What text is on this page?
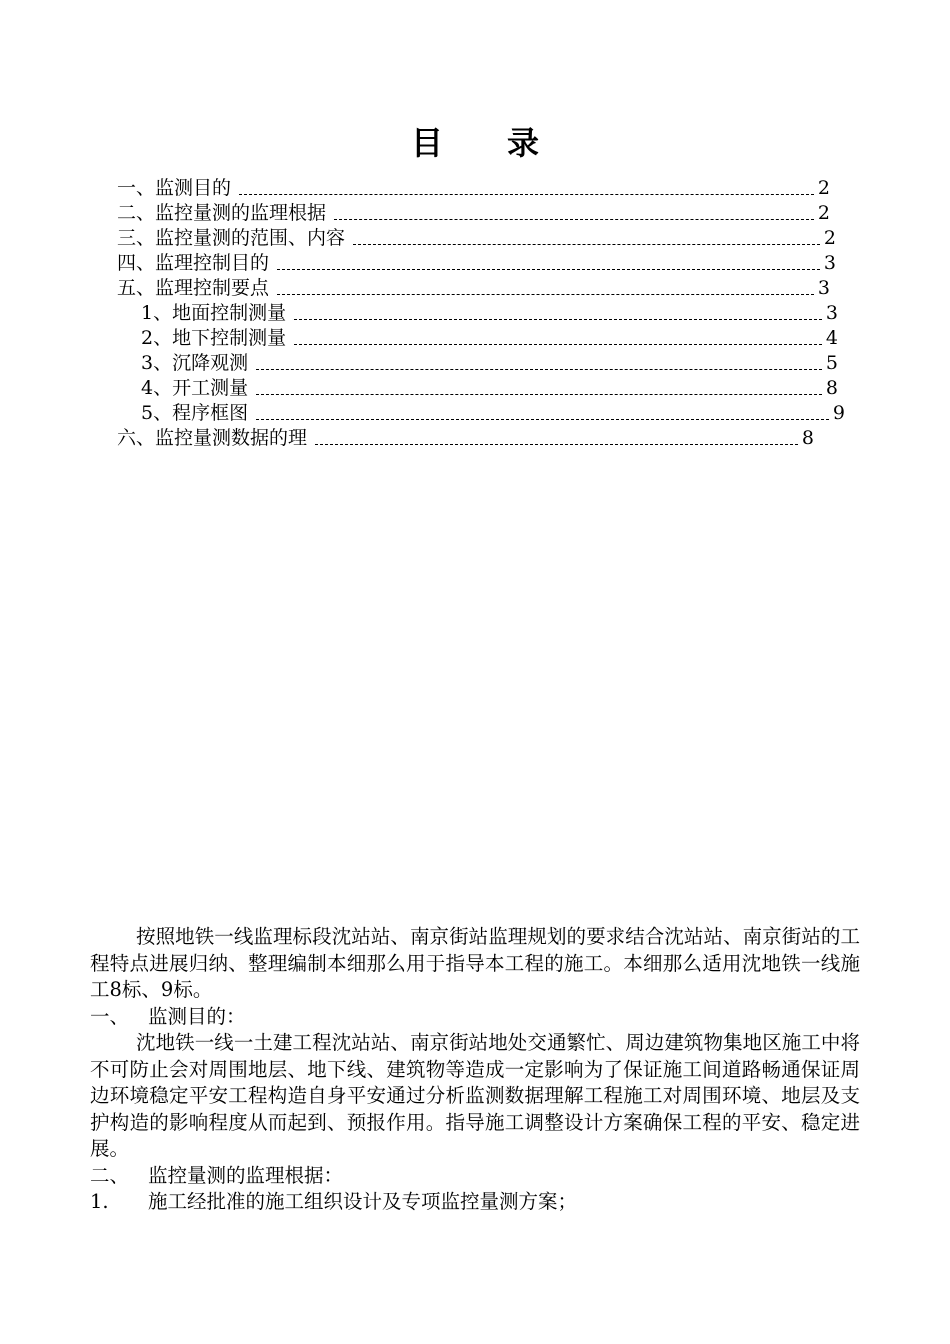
目 录
一、监测目的	2
二、监控量测的监理根据	2
三、监控量测的范围、内容	2
四、监理控制目的	3
五、监理控制要点	3
1、地面控制测量	3
2、地下控制测量	4
3、沉降观测	5
4、开工测量	8
5、程序框图	9
六、监控量测数据的理	8

按照地铁一线监理标段沈站站、南京街站监理规划的要求结合沈站站、南京街站的工程特点进展归纳、整理编制本细那么用于指导本工程的施工。本细那么适用沈地铁一线施工8标、9标。

一、 监测目的：

沈地铁一线一土建工程沈站站、南京街站地处交通繁忙、周边建筑物集地区施工中将不可防止会对周围地层、地下线、建筑物等造成一定影响为了保证施工间道路畅通保证周边环境稳定平安工程构造自身平安通过分析监测数据理解工程施工对周围环境、地层及支护构造的影响程度从而起到、预报作用。指导施工调整设计方案确保工程的平安、稳定进展。

二、 监控量测的监理根据：

1. 施工经批准的施工组织设计及专项监控量测方案；
